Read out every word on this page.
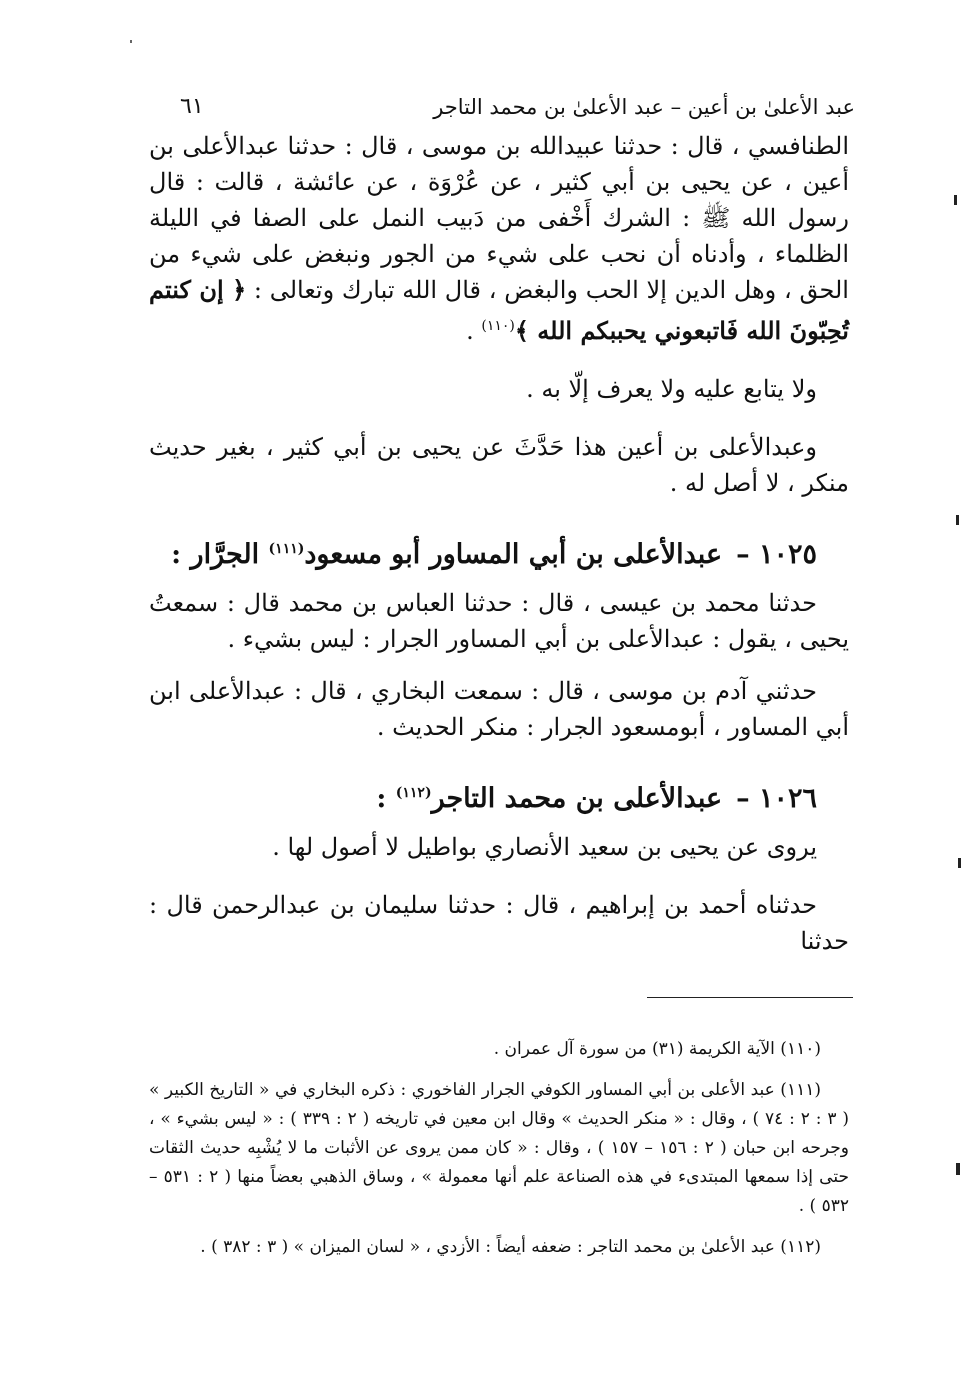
عبد الأعلىٰ بن أعين – عبد الأعلىٰ بن محمد التاجر
٦١

الطنافسي ، قال : حدثنا عبيدالله بن موسى ، قال : حدثنا عبدالأعلى بن أعين ، عن يحيى بن أبي كثير ، عن عُرْوَة ، عن عائشة ، قالت : قال رسول الله ﷺ : الشرك أَخْفى من دَبيب النمل على الصفا في الليلة الظلماء ، وأدناه أن نحب على شيء من الجور ونبغض على شيء من الحق ، وهل الدين إلا الحب والبغض ، قال الله تبارك وتعالى : ﴿ إن كنتم تُحِبّونَ الله فَاتبعوني يحببكم الله ﴾$^{(١١٠)}$ .

ولا يتابع عليه ولا يعرف إلّا به .

وعبدالأعلى بن أعين هذا حَدَّثَ عن يحيى بن أبي كثير ، بغير حديث منكر ، لا أصل له .

١٠٢٥ –عبدالأعلى بن أبي المساور أبو مسعود$^{(١١١)}$ الجرَّار :

حدثنا محمد بن عيسى ، قال : حدثنا العباس بن محمد قال : سمعتُ يحيى ، يقول : عبدالأعلى بن أبي المساور الجرار : ليس بشيء .

حدثني آدم بن موسى ، قال : سمعت البخاري ، قال : عبدالأعلى ابن أبي المساور ، أبومسعود الجرار : منكر الحديث .

١٠٢٦ –عبدالأعلى بن محمد التاجر$^{(١١٢)}$ :

يروى عن يحيى بن سعيد الأنصاري بواطيل لا أصول لها .

حدثناه أحمد بن إبراهيم ، قال : حدثنا سليمان بن عبدالرحمن قال : حدثنا

(١١٠) الآية الكريمة (٣١) من سورة آل عمران .

(١١١) عبد الأعلى بن أبي المساور الكوفي الجرار الفاخوري : ذكره البخاري في « التاريخ الكبير » ( ٣ : ٢ : ٧٤ ) ، وقال : « منكر الحديث » وقال ابن معين في تاريخه ( ٢ : ٣٣٩ ) : « ليس بشيء » ، وجرحه ابن حبان ( ٢ : ١٥٦ – ١٥٧ ) ، وقال : « كان ممن يروى عن الأثبات ما لا يُشْبِه حديث الثقات حتى إذا سمعها المبتدىء في هذه الصناعة علم أنها معمولة » ، وساق الذهبي بعضاً منها ( ٢ : ٥٣١ – ٥٣٢ ) .

(١١٢) عبد الأعلىٰ بن محمد التاجر : ضعفه أيضاً : الأزدي ، « لسان الميزان » ( ٣ : ٣٨٢ ) .
